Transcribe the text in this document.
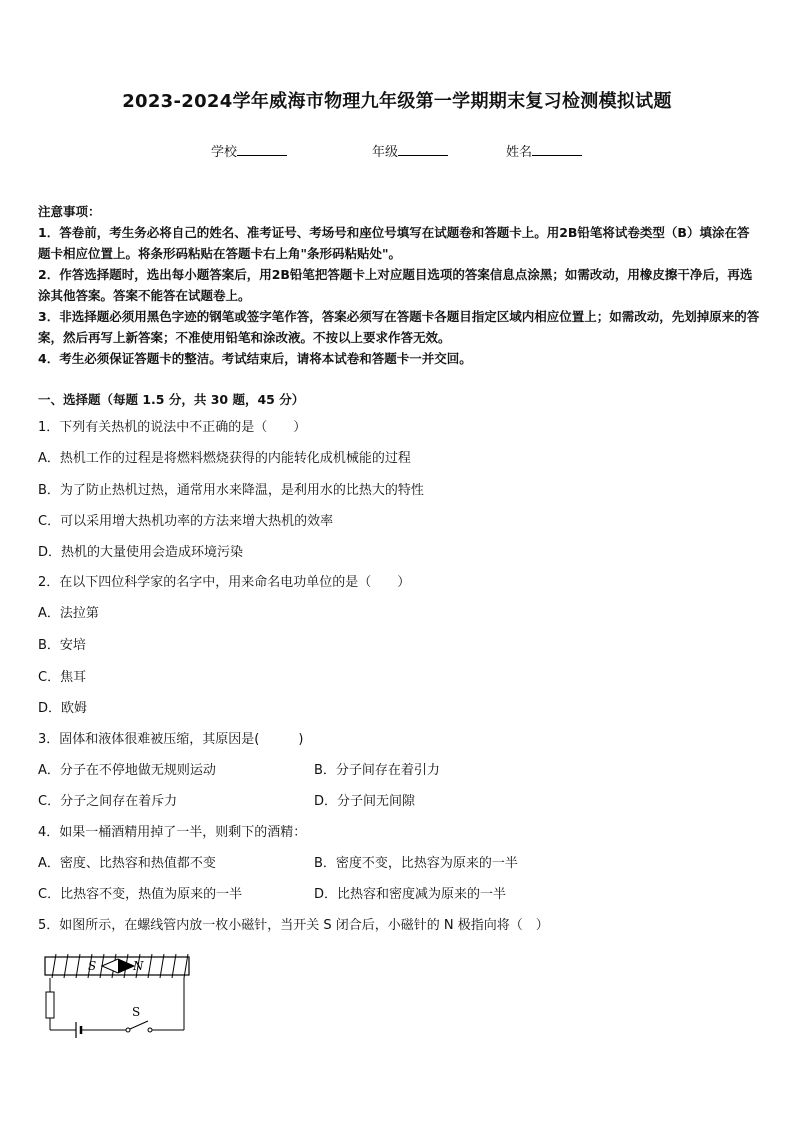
2023-2024学年威海市物理九年级第一学期期末复习检测模拟试题
学校	年级	姓名
注意事项：
1．答卷前，考生务必将自己的姓名、准考证号、考场号和座位号填写在试题卷和答题卡上。用2B铅笔将试卷类型（B）填涂在答题卡相应位置上。将条形码粘贴在答题卡右上角"条形码粘贴处"。
2．作答选择题时，选出每小题答案后，用2B铅笔把答题卡上对应题目选项的答案信息点涂黑；如需改动，用橡皮擦干净后，再选涂其他答案。答案不能答在试题卷上。
3．非选择题必须用黑色字迹的钢笔或签字笔作答，答案必须写在答题卡各题目指定区域内相应位置上；如需改动，先划掉原来的答案，然后再写上新答案；不准使用铅笔和涂改液。不按以上要求作答无效。
4．考生必须保证答题卡的整洁。考试结束后，请将本试卷和答题卡一并交回。
一、选择题（每题 1.5 分，共 30 题，45 分）
1．下列有关热机的说法中不正确的是（　　）
A．热机工作的过程是将燃料燃烧获得的内能转化成机械能的过程
B．为了防止热机过热，通常用水来降温，是利用水的比热大的特性
C．可以采用增大热机功率的方法来增大热机的效率
D．热机的大量使用会造成环境污染
2．在以下四位科学家的名字中，用来命名电功单位的是（　　）
A．法拉第
B．安培
C．焦耳
D．欧姆
3．固体和液体很难被压缩，其原因是(　　　)
A．分子在不停地做无规则运动	B．分子间存在着引力
C．分子之间存在着斥力	D．分子间无间隙
4．如果一桶酒精用掉了一半，则剩下的酒精：
A．密度、比热容和热值都不变	B．密度不变，比热容为原来的一半
C．比热容不变，热值为原来的一半	D．比热容和密度减为原来的一半
5．如图所示，在螺线管内放一枚小磁针，当开关 S 闭合后，小磁针的 N 极指向将（　）
S	N
S
